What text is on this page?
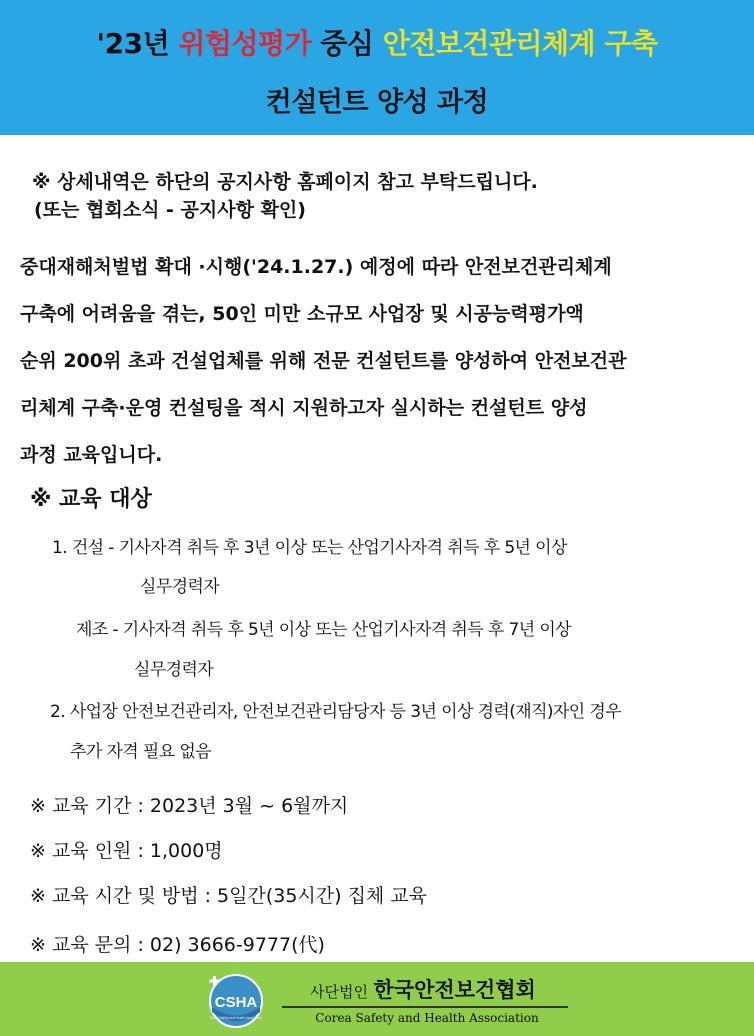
'23년 위험성평가 중심 안전보건관리체계 구축
컨설턴트 양성 과정
※ 상세내역은 하단의 공지사항 홈페이지 참고 부탁드립니다.
(또는 협회소식 - 공지사항 확인)
중대재해처벌법 확대 ·시행('24.1.27.) 예정에 따라 안전보건관리체계
구축에 어려움을 겪는, 50인 미만 소규모 사업장 및 시공능력평가액
순위 200위 초과 건설업체를 위해 전문 컨설턴트를 양성하여 안전보건관
리체계 구축·운영 컨설팅을 적시 지원하고자 실시하는 컨설턴트 양성
과정 교육입니다.
※ 교육 대상
1. 건설 - 기사자격 취득 후 3년 이상 또는 산업기사자격 취득 후 5년 이상
실무경력자
제조 - 기사자격 취득 후 5년 이상 또는 산업기사자격 취득 후 7년 이상
실무경력자
2. 사업장 안전보건관리자, 안전보건관리담당자 등 3년 이상 경력(재직)자인 경우
추가 자격 필요 없음
※ 교육 기간 : 2023년 3월 ~ 6월까지
※ 교육 인원 : 1,000명
※ 교육 시간 및 방법 : 5일간(35시간) 집체 교육
※ 교육 문의 : 02) 3666-9777(代)
CSHA
Korea Safety and Health Association
사단법인 한국안전보건협회
Corea Safety and Health Association
